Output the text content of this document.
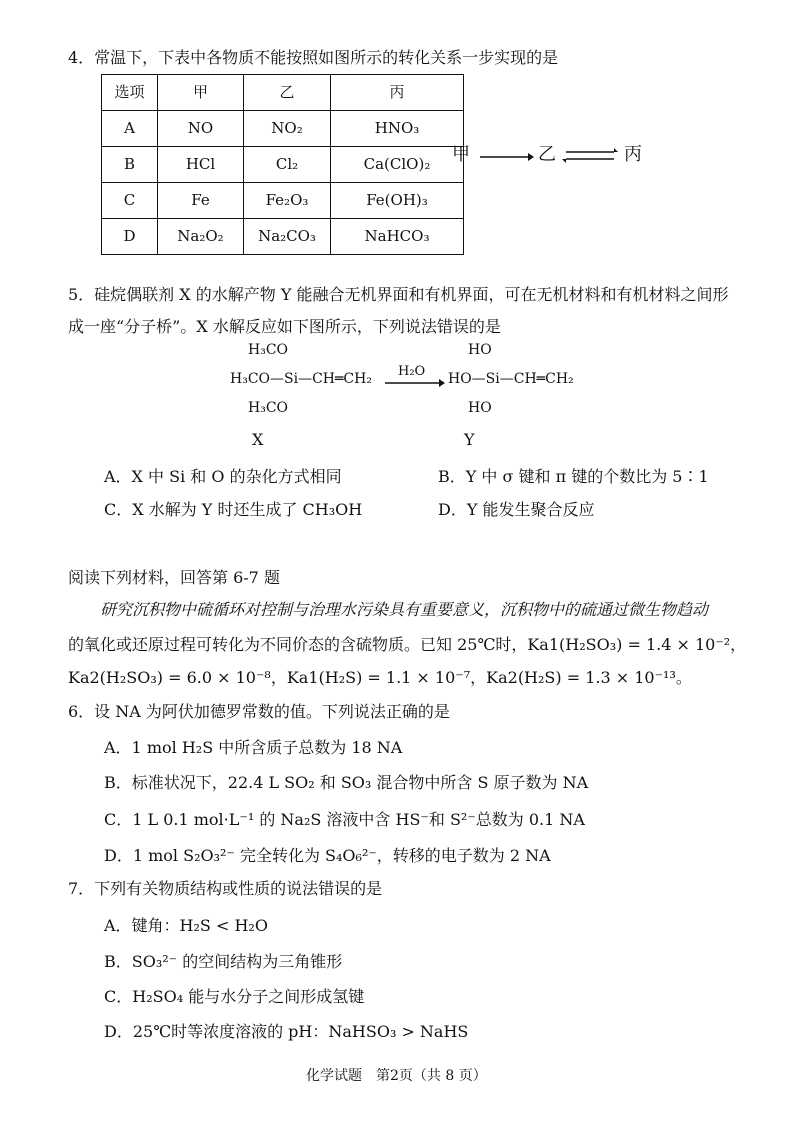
4．常温下，下表中各物质不能按照如图所示的转化关系一步实现的是
选项	甲	乙	丙
A	NO	NO₂	HNO₃
B	HCl	Cl₂	Ca(ClO)₂
C	Fe	Fe₂O₃	Fe(OH)₃
D	Na₂O₂	Na₂CO₃	NaHCO₃
甲	乙 ⇌ 丙
5．硅烷偶联剂 X 的水解产物 Y 能融合无机界面和有机界面，可在无机材料和有机材料之间形
成一座“分子桥”。X 水解反应如下图所示，下列说法错误的是
H₃CO
H₃CO—Si—CH═CH₂
H₃CO
H₂O
HO
HO—Si—CH═CH₂
HO
X	Y
A．X 中 Si 和 O 的杂化方式相同	B．Y 中 σ 键和 π 键的个数比为 5∶1
C．X 水解为 Y 时还生成了 CH₃OH	D．Y 能发生聚合反应
阅读下列材料，回答第 6-7 题
研究沉积物中硫循环对控制与治理水污染具有重要意义，沉积物中的硫通过微生物趋动
的氧化或还原过程可转化为不同价态的含硫物质。已知 25℃时，Ka1(H₂SO₃) = 1.4 × 10⁻²，
Ka2(H₂SO₃) = 6.0 × 10⁻⁸，Ka1(H₂S) = 1.1 × 10⁻⁷，Ka2(H₂S) = 1.3 × 10⁻¹³。
6．设 NA 为阿伏加德罗常数的值。下列说法正确的是
A．1 mol H₂S 中所含质子总数为 18 NA
B．标准状况下，22.4 L SO₂ 和 SO₃ 混合物中所含 S 原子数为 NA
C．1 L 0.1 mol·L⁻¹ 的 Na₂S 溶液中含 HS⁻和 S²⁻总数为 0.1 NA
D．1 mol S₂O₃²⁻ 完全转化为 S₄O₆²⁻，转移的电子数为 2 NA
7．下列有关物质结构或性质的说法错误的是
A．键角：H₂S < H₂O
B．SO₃²⁻ 的空间结构为三角锥形
C．H₂SO₄ 能与水分子之间形成氢键
D．25℃时等浓度溶液的 pH：NaHSO₃ > NaHS
化学试题　第2页（共 8 页）
